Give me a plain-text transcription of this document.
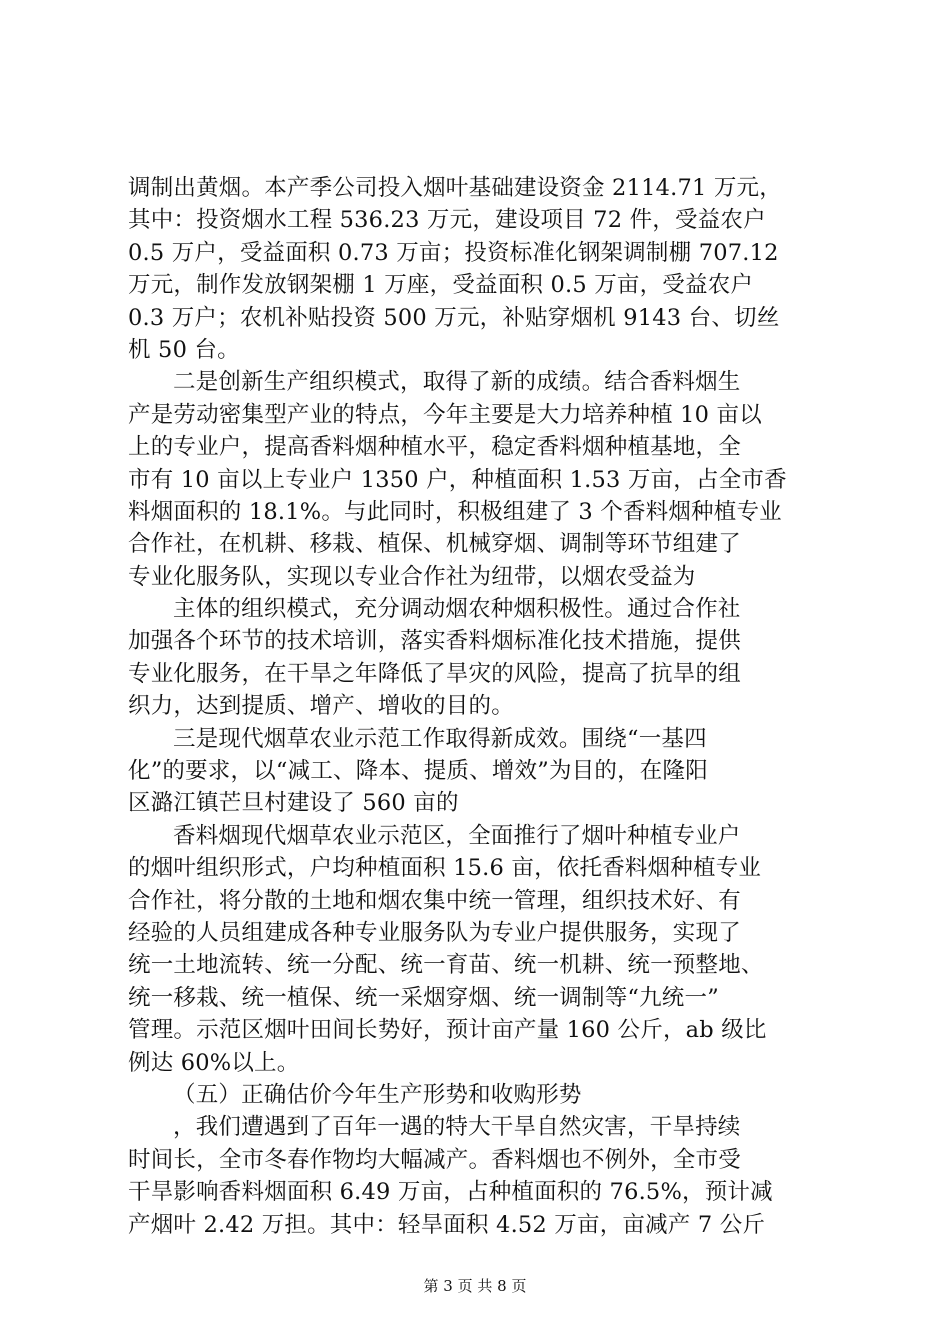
调制出黄烟。本产季公司投入烟叶基础建设资金 2114.71 万元，
其中：投资烟水工程 536.23 万元，建设项目 72 件，受益农户
0.5 万户，受益面积 0.73 万亩；投资标准化钢架调制棚 707.12
万元，制作发放钢架棚 1 万座，受益面积 0.5 万亩，受益农户
0.3 万户；农机补贴投资 500 万元，补贴穿烟机 9143 台、切丝
机 50 台。
二是创新生产组织模式，取得了新的成绩。结合香料烟生
产是劳动密集型产业的特点，今年主要是大力培养种植 10 亩以
上的专业户，提高香料烟种植水平，稳定香料烟种植基地，全
市有 10 亩以上专业户 1350 户，种植面积 1.53 万亩，占全市香
料烟面积的 18.1%。与此同时，积极组建了 3 个香料烟种植专业
合作社，在机耕、移栽、植保、机械穿烟、调制等环节组建了
专业化服务队，实现以专业合作社为纽带，以烟农受益为
主体的组织模式，充分调动烟农种烟积极性。通过合作社
加强各个环节的技术培训，落实香料烟标准化技术措施，提供
专业化服务，在干旱之年降低了旱灾的风险，提高了抗旱的组
织力，达到提质、增产、增收的目的。
三是现代烟草农业示范工作取得新成效。围绕“一基四
化”的要求，以“减工、降本、提质、增效”为目的，在隆阳
区潞江镇芒旦村建设了 560 亩的
香料烟现代烟草农业示范区，全面推行了烟叶种植专业户
的烟叶组织形式，户均种植面积 15.6 亩，依托香料烟种植专业
合作社，将分散的土地和烟农集中统一管理，组织技术好、有
经验的人员组建成各种专业服务队为专业户提供服务，实现了
统一土地流转、统一分配、统一育苗、统一机耕、统一预整地、
统一移栽、统一植保、统一采烟穿烟、统一调制等“九统一”
管理。示范区烟叶田间长势好，预计亩产量 160 公斤，ab 级比
例达 60%以上。
（五）正确估价今年生产形势和收购形势
，我们遭遇到了百年一遇的特大干旱自然灾害，干旱持续
时间长，全市冬春作物均大幅减产。香料烟也不例外，全市受
干旱影响香料烟面积 6.49 万亩，占种植面积的 76.5%，预计减
产烟叶 2.42 万担。其中：轻旱面积 4.52 万亩，亩减产 7 公斤
第 3 页 共 8 页
